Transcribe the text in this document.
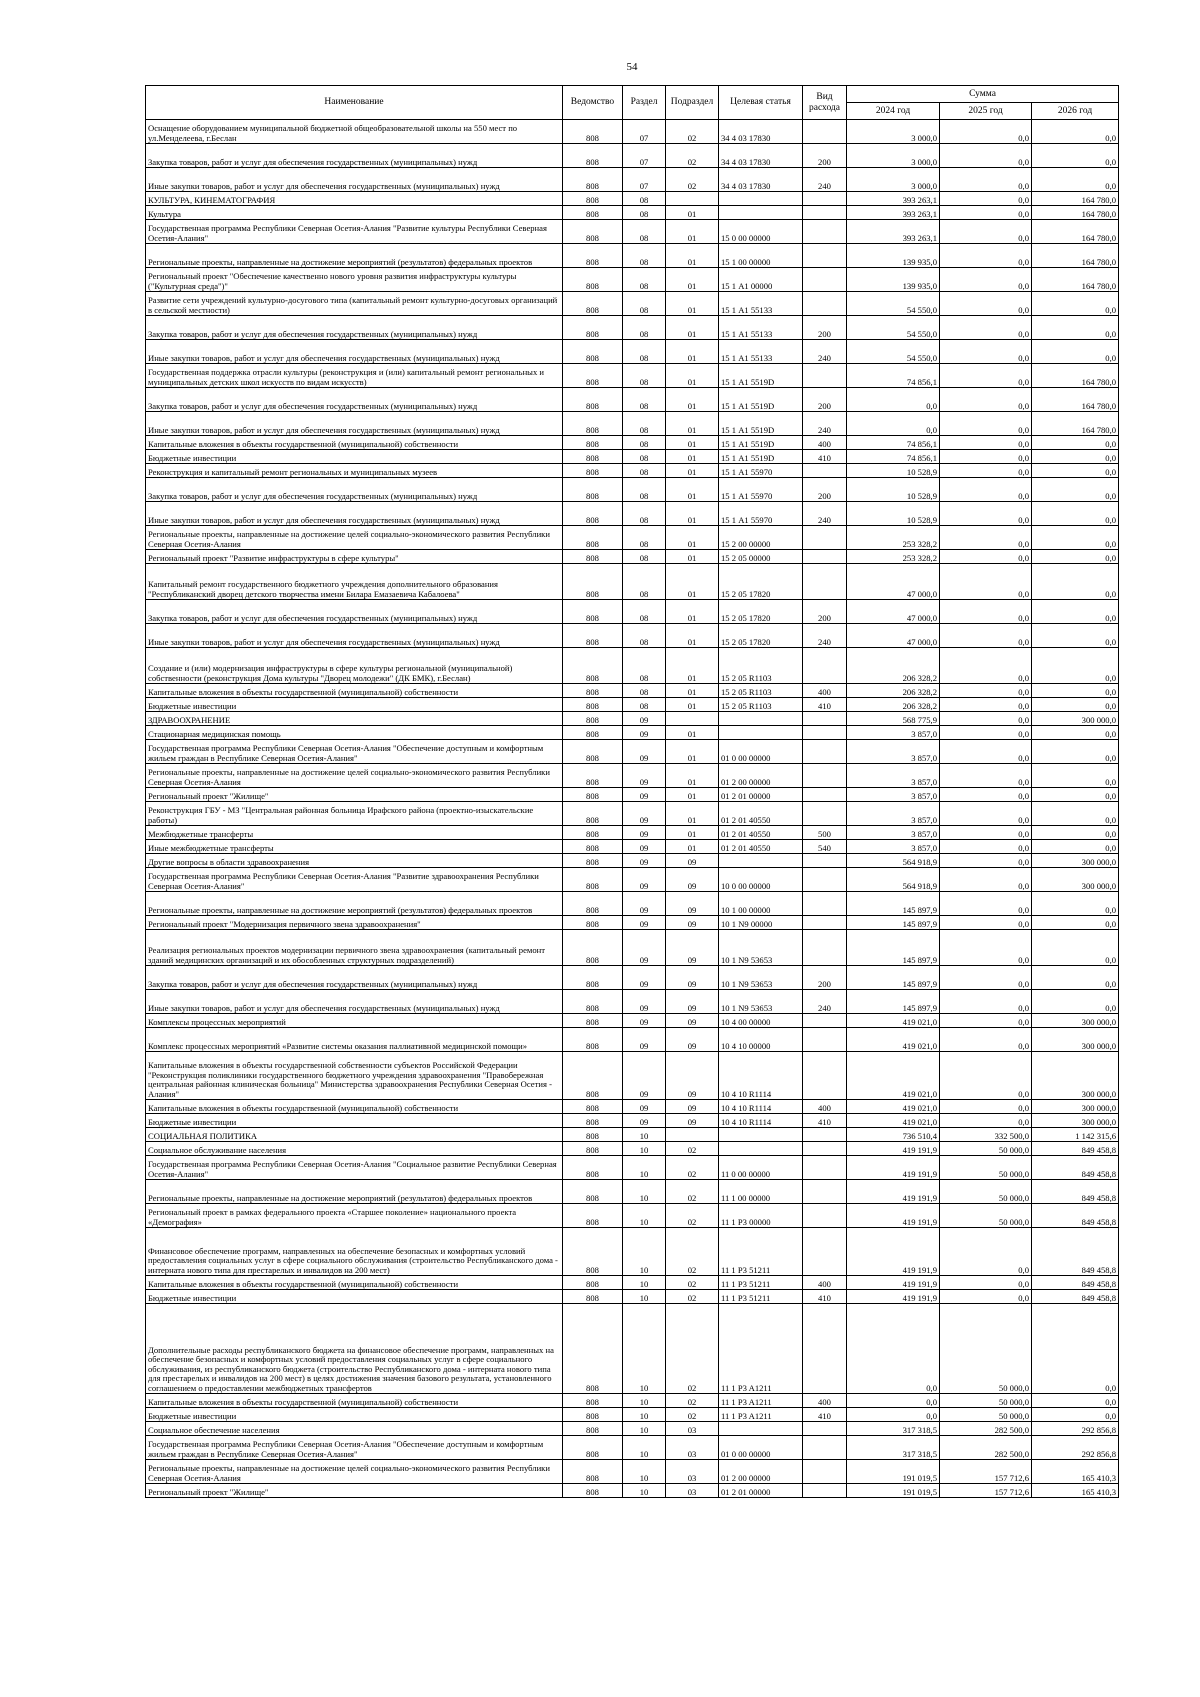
54
Наименование	Ведомство	Раздел	Подраздел	Целевая статья	Вид расхода	Сумма		
						2024 год	2025 год	2026 год
Оснащение оборудованием муниципальной бюджетной общеобразовательной школы на 550 мест по ул.Менделеева, г.Беслан	808	07	02	34 4 03 17830		3 000,0	0,0	0,0
Закупка товаров, работ и услуг для обеспечения государственных (муниципальных) нужд	808	07	02	34 4 03 17830	200	3 000,0	0,0	0,0
Иные закупки товаров, работ и услуг для обеспечения государственных (муниципальных) нужд	808	07	02	34 4 03 17830	240	3 000,0	0,0	0,0
КУЛЬТУРА, КИНЕМАТОГРАФИЯ	808	08				393 263,1	0,0	164 780,0
Культура	808	08	01			393 263,1	0,0	164 780,0
Государственная программа Республики Северная Осетия-Алания "Развитие культуры Республики Северная Осетия-Алания"	808	08	01	15 0 00 00000		393 263,1	0,0	164 780,0
Региональные проекты, направленные на достижение мероприятий (результатов) федеральных проектов	808	08	01	15 1 00 00000		139 935,0	0,0	164 780,0
Региональный проект "Обеспечение качественно нового уровня развития инфраструктуры культуры ("Культурная среда")"	808	08	01	15 1 А1 00000		139 935,0	0,0	164 780,0
Развитие сети учреждений культурно-досугового типа (капитальный ремонт культурно-досуговых организаций в сельской местности)	808	08	01	15 1 А1 55133		54 550,0	0,0	0,0
Закупка товаров, работ и услуг для обеспечения государственных (муниципальных) нужд	808	08	01	15 1 А1 55133	200	54 550,0	0,0	0,0
Иные закупки товаров, работ и услуг для обеспечения государственных (муниципальных) нужд	808	08	01	15 1 А1 55133	240	54 550,0	0,0	0,0
Государственная поддержка отрасли культуры (реконструкция и (или) капитальный ремонт региональных и муниципальных детских школ искусств по видам искусств)	808	08	01	15 1 А1 5519D		74 856,1	0,0	164 780,0
Закупка товаров, работ и услуг для обеспечения государственных (муниципальных) нужд	808	08	01	15 1 А1 5519D	200	0,0	0,0	164 780,0
Иные закупки товаров, работ и услуг для обеспечения государственных (муниципальных) нужд	808	08	01	15 1 А1 5519D	240	0,0	0,0	164 780,0
Капитальные вложения в объекты государственной (муниципальной) собственности	808	08	01	15 1 А1 5519D	400	74 856,1	0,0	0,0
Бюджетные инвестиции	808	08	01	15 1 А1 5519D	410	74 856,1	0,0	0,0
Реконструкция и капитальный ремонт региональных и муниципальных музеев	808	08	01	15 1 А1 55970		10 528,9	0,0	0,0
Закупка товаров, работ и услуг для обеспечения государственных (муниципальных) нужд	808	08	01	15 1 А1 55970	200	10 528,9	0,0	0,0
Иные закупки товаров, работ и услуг для обеспечения государственных (муниципальных) нужд	808	08	01	15 1 А1 55970	240	10 528,9	0,0	0,0
Региональные проекты, направленные на достижение целей социально-экономического развития Республики Северная Осетия-Алания	808	08	01	15 2 00 00000		253 328,2	0,0	0,0
Региональный проект "Развитие инфраструктуры в сфере культуры"	808	08	01	15 2 05 00000		253 328,2	0,0	0,0
Капитальный ремонт государственного бюджетного учреждения дополнительного образования "Республиканский дворец детского творчества имени Билара Емазаевича Кабалоева"	808	08	01	15 2 05 17820		47 000,0	0,0	0,0
Закупка товаров, работ и услуг для обеспечения государственных (муниципальных) нужд	808	08	01	15 2 05 17820	200	47 000,0	0,0	0,0
Иные закупки товаров, работ и услуг для обеспечения государственных (муниципальных) нужд	808	08	01	15 2 05 17820	240	47 000,0	0,0	0,0
Создание и (или) модернизация инфраструктуры в сфере культуры региональной (муниципальной) собственности (реконструкция Дома культуры "Дворец молодежи" (ДК БМК), г.Беслан)	808	08	01	15 2 05 R1103		206 328,2	0,0	0,0
Капитальные вложения в объекты государственной (муниципальной) собственности	808	08	01	15 2 05 R1103	400	206 328,2	0,0	0,0
Бюджетные инвестиции	808	08	01	15 2 05 R1103	410	206 328,2	0,0	0,0
ЗДРАВООХРАНЕНИЕ	808	09				568 775,9	0,0	300 000,0
Стационарная медицинская помощь	808	09	01			3 857,0	0,0	0,0
Государственная программа Республики Северная Осетия-Алания "Обеспечение доступным и комфортным жильем граждан в Республике Северная Осетия-Алания"	808	09	01	01 0 00 00000		3 857,0	0,0	0,0
Региональные проекты, направленные на достижение целей социально-экономического развития Республики Северная Осетия-Алания	808	09	01	01 2 00 00000		3 857,0	0,0	0,0
Региональный проект "Жилище"	808	09	01	01 2 01 00000		3 857,0	0,0	0,0
Реконструкция ГБУ - МЗ "Центральная районная больница Ирафского района (проектно-изыскательские работы)	808	09	01	01 2 01 40550		3 857,0	0,0	0,0
Межбюджетные трансферты	808	09	01	01 2 01 40550	500	3 857,0	0,0	0,0
Иные межбюджетные трансферты	808	09	01	01 2 01 40550	540	3 857,0	0,0	0,0
Другие вопросы в области здравоохранения	808	09	09			564 918,9	0,0	300 000,0
Государственная программа Республики Северная Осетия-Алания "Развитие здравоохранения Республики Северная Осетия-Алания"	808	09	09	10 0 00 00000		564 918,9	0,0	300 000,0
Региональные проекты, направленные на достижение мероприятий (результатов) федеральных проектов	808	09	09	10 1 00 00000		145 897,9	0,0	0,0
Региональный проект "Модернизация первичного звена здравоохранения"	808	09	09	10 1 N9 00000		145 897,9	0,0	0,0
Реализация региональных проектов модернизации первичного звена здравоохранения (капитальный ремонт зданий медицинских организаций и их обособленных структурных подразделений)	808	09	09	10 1 N9 53653		145 897,9	0,0	0,0
Закупка товаров, работ и услуг для обеспечения государственных (муниципальных) нужд	808	09	09	10 1 N9 53653	200	145 897,9	0,0	0,0
Иные закупки товаров, работ и услуг для обеспечения государственных (муниципальных) нужд	808	09	09	10 1 N9 53653	240	145 897,9	0,0	0,0
Комплексы процессных мероприятий	808	09	09	10 4 00 00000		419 021,0	0,0	300 000,0
Комплекс процессных мероприятий «Развитие системы оказания паллиативной медицинской помощи»	808	09	09	10 4 10 00000		419 021,0	0,0	300 000,0
Капитальные вложения в объекты государственной собственности субъектов Российской Федерации "Реконструкция поликлиники государственного бюджетного учреждения здравоохранения "Правобережная центральная районная клиническая больница" Министерства здравоохранения Республики Северная Осетия - Алания"	808	09	09	10 4 10 R1114		419 021,0	0,0	300 000,0
Капитальные вложения в объекты государственной (муниципальной) собственности	808	09	09	10 4 10 R1114	400	419 021,0	0,0	300 000,0
Бюджетные инвестиции	808	09	09	10 4 10 R1114	410	419 021,0	0,0	300 000,0
СОЦИАЛЬНАЯ ПОЛИТИКА	808	10				736 510,4	332 500,0	1 142 315,6
Социальное обслуживание населения	808	10	02			419 191,9	50 000,0	849 458,8
Государственная программа Республики Северная Осетия-Алания "Социальное развитие Республики Северная Осетия-Алания"	808	10	02	11 0 00 00000		419 191,9	50 000,0	849 458,8
Региональные проекты, направленные на достижение мероприятий (результатов) федеральных проектов	808	10	02	11 1 00 00000		419 191,9	50 000,0	849 458,8
Региональный проект в рамках федерального проекта «Старшее поколение» национального проекта «Демография»	808	10	02	11 1 P3 00000		419 191,9	50 000,0	849 458,8
Финансовое обеспечение программ, направленных на обеспечение безопасных и комфортных условий предоставления социальных услуг в сфере социального обслуживания (строительство Республиканского дома - интерната нового типа для престарелых и инвалидов на 200 мест)	808	10	02	11 1 P3 51211		419 191,9	0,0	849 458,8
Капитальные вложения в объекты государственной (муниципальной) собственности	808	10	02	11 1 P3 51211	400	419 191,9	0,0	849 458,8
Бюджетные инвестиции	808	10	02	11 1 P3 51211	410	419 191,9	0,0	849 458,8
Дополнительные расходы республиканского бюджета на финансовое обеспечение программ, направленных на обеспечение безопасных и комфортных условий предоставления социальных услуг в сфере социального обслуживания, из республиканского бюджета (строительство Республиканского дома - интерната нового типа для престарелых и инвалидов на 200 мест) в целях достижения значения базового результата, установленного соглашением о предоставлении межбюджетных трансфертов	808	10	02	11 1 P3 A1211		0,0	50 000,0	0,0
Капитальные вложения в объекты государственной (муниципальной) собственности	808	10	02	11 1 P3 A1211	400	0,0	50 000,0	0,0
Бюджетные инвестиции	808	10	02	11 1 P3 A1211	410	0,0	50 000,0	0,0
Социальное обеспечение населения	808	10	03			317 318,5	282 500,0	292 856,8
Государственная программа Республики Северная Осетия-Алания "Обеспечение доступным и комфортным жильем граждан в Республике Северная Осетия-Алания"	808	10	03	01 0 00 00000		317 318,5	282 500,0	292 856,8
Региональные проекты, направленные на достижение целей социально-экономического развития Республики Северная Осетия-Алания	808	10	03	01 2 00 00000		191 019,5	157 712,6	165 410,3
Региональный проект "Жилище"	808	10	03	01 2 01 00000		191 019,5	157 712,6	165 410,3
